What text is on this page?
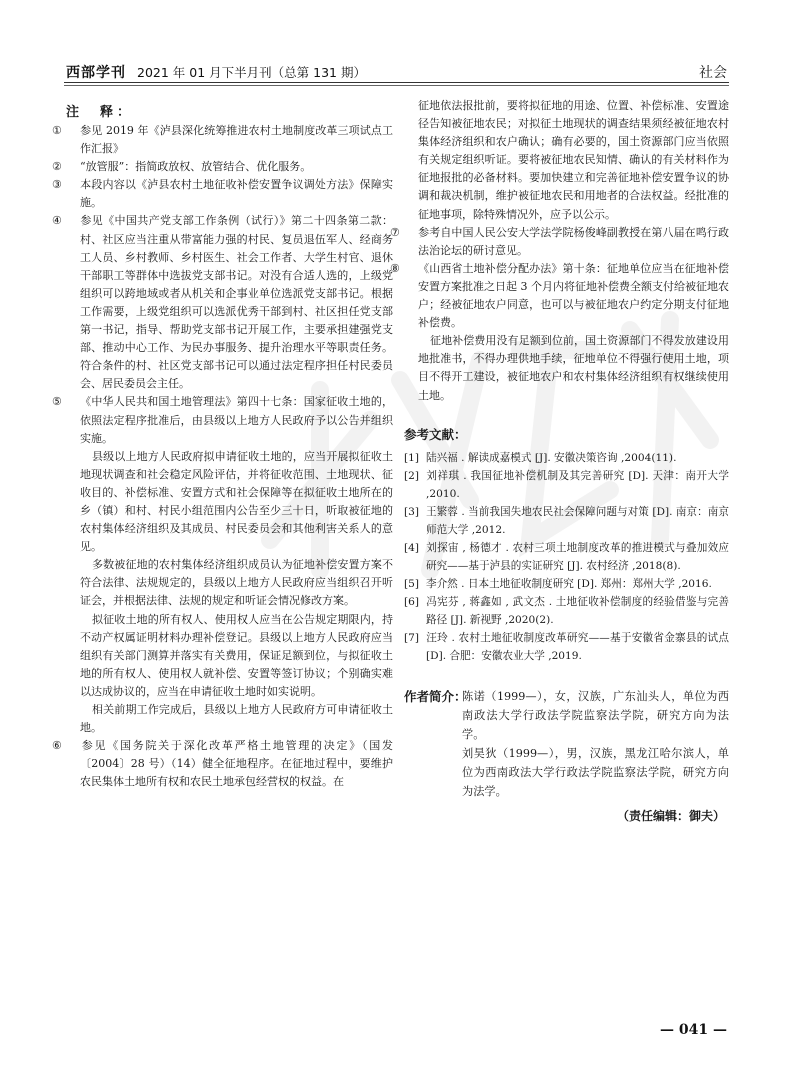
西部学刊 2021 年 01 月下半月刊（总第 131 期）	社会
注　释：
① 参见 2019 年《泸县深化统筹推进农村土地制度改革三项试点工作汇报》
② “放管服”：指简政放权、放管结合、优化服务。
③ 本段内容以《泸县农村土地征收补偿安置争议调处方法》保障实施。
④ 参见《中国共产党支部工作条例（试行）》第二十四条第二款：村、社区应当注重从带富能力强的村民、复员退伍军人、经商务工人员、乡村教师、乡村医生、社会工作者、大学生村官、退休干部职工等群体中选拔党支部书记。对没有合适人选的，上级党组织可以跨地域或者从机关和企事业单位选派党支部书记。根据工作需要，上级党组织可以选派优秀干部到村、社区担任党支部第一书记，指导、帮助党支部书记开展工作，主要承担建强党支部、推动中心工作、为民办事服务、提升治理水平等职责任务。符合条件的村、社区党支部书记可以通过法定程序担任村民委员会、居民委员会主任。
⑤ 《中华人民共和国土地管理法》第四十七条：国家征收土地的，依照法定程序批准后，由县级以上地方人民政府予以公告并组织实施。
县级以上地方人民政府拟申请征收土地的，应当开展拟征收土地现状调查和社会稳定风险评估，并将征收范围、土地现状、征收目的、补偿标准、安置方式和社会保障等在拟征收土地所在的乡（镇）和村、村民小组范围内公告至少三十日，听取被征地的农村集体经济组织及其成员、村民委员会和其他利害关系人的意见。
多数被征地的农村集体经济组织成员认为征地补偿安置方案不符合法律、法规规定的，县级以上地方人民政府应当组织召开听证会，并根据法律、法规的规定和听证会情况修改方案。
拟征收土地的所有权人、使用权人应当在公告规定期限内，持不动产权属证明材料办理补偿登记。县级以上地方人民政府应当组织有关部门测算并落实有关费用，保证足额到位，与拟征收土地的所有权人、使用权人就补偿、安置等签订协议；个别确实难以达成协议的，应当在申请征收土地时如实说明。
相关前期工作完成后，县级以上地方人民政府方可申请征收土地。
⑥ 参见《国务院关于深化改革严格土地管理的决定》（国发〔2004〕28 号）（14）健全征地程序。在征地过程中，要维护农民集体土地所有权和农民土地承包经营权的权益。在
征地依法报批前，要将拟征地的用途、位置、补偿标准、安置途径告知被征地农民；对拟征土地现状的调查结果须经被征地农村集体经济组织和农户确认；确有必要的，国土资源部门应当依照有关规定组织听证。要将被征地农民知情、确认的有关材料作为征地报批的必备材料。要加快建立和完善征地补偿安置争议的协调和裁决机制，维护被征地农民和用地者的合法权益。经批准的征地事项，除特殊情况外，应予以公示。
⑦ 参考自中国人民公安大学法学院杨俊峰副教授在第八届在鸣行政法治论坛的研讨意见。
⑧ 《山西省土地补偿分配办法》第十条：征地单位应当在征地补偿安置方案批准之日起 3 个月内将征地补偿费全额支付给被征地农户；经被征地农户同意，也可以与被征地农户约定分期支付征地补偿费。
征地补偿费用没有足额到位前，国土资源部门不得发放建设用地批准书，不得办理供地手续，征地单位不得强行使用土地，项目不得开工建设，被征地农户和农村集体经济组织有权继续使用土地。
参考文献：
[1] 陆兴福 . 解读成嘉模式 [J]. 安徽决策咨询 ,2004(11).
[2] 刘祥琪 . 我国征地补偿机制及其完善研究 [D]. 天津：南开大学 ,2010.
[3] 王繁蓉 . 当前我国失地农民社会保障问题与对策 [D]. 南京：南京师范大学 ,2012.
[4] 刘探宙 , 杨德才 . 农村三项土地制度改革的推进模式与叠加效应研究——基于泸县的实证研究 [J]. 农村经济 ,2018(8).
[5] 李介然 . 日本土地征收制度研究 [D]. 郑州：郑州大学 ,2016.
[6] 冯宪芬 , 蒋鑫如 , 武文杰 . 土地征收补偿制度的经验借鉴与完善路径 [J]. 新视野 ,2020(2).
[7] 汪玲 . 农村土地征收制度改革研究——基于安徽省金寨县的试点 [D]. 合肥：安徽农业大学 ,2019.
作者简介：

陈诺（1999—），女，汉族，广东汕头人，单位为西南政法大学行政法学院监察法学院，研究方向为法学。

刘昊狄（1999—），男，汉族，黑龙江哈尔滨人，单位为西南政法大学行政法学院监察法学院，研究方向为法学。

（责任编辑：御夫）
— 041 —
